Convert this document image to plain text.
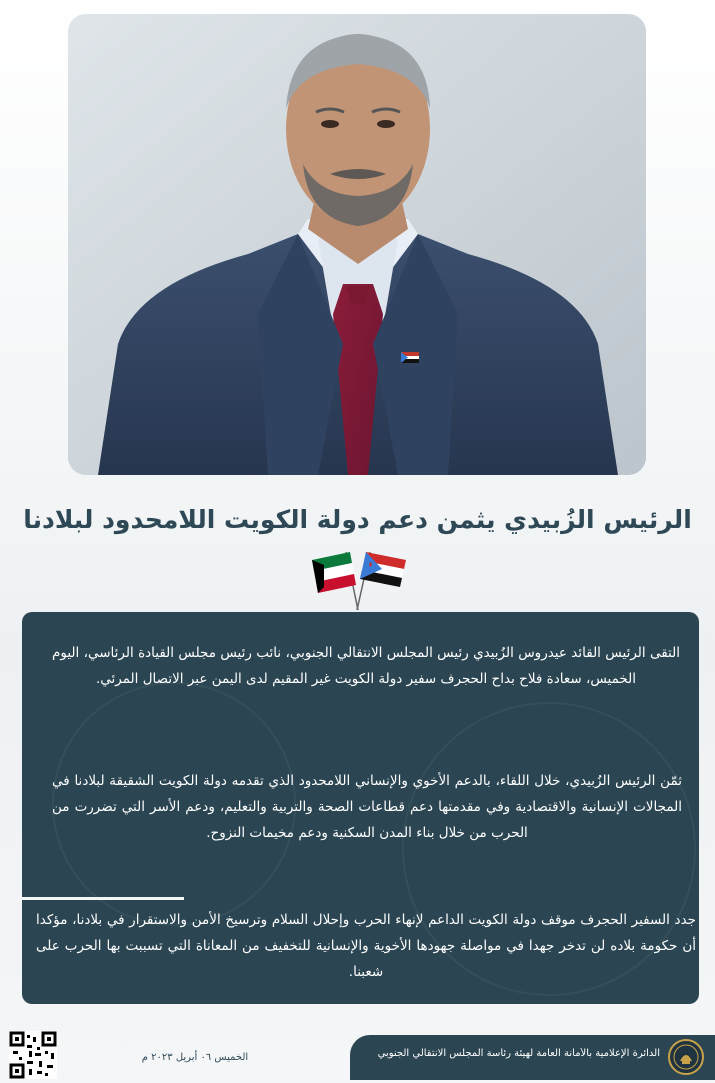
الرئيس الزُبيدي يثمن دعم دولة الكويت اللامحدود لبلادنا
التقى الرئيس القائد عيدروس الزُبيدي رئيس المجلس الانتقالي الجنوبي، نائب رئيس مجلس القيادة الرئاسي، اليوم الخميس، سعادة فلاح بداح الحجرف سفير دولة الكويت غير المقيم لدى اليمن عبر الاتصال المرئي.
ثمّن الرئيس الزُبيدي، خلال اللقاء، بالدعم الأخوي والإنساني اللامحدود الذي تقدمه دولة الكويت الشقيقة لبلادنا في المجالات الإنسانية والاقتصادية وفي مقدمتها دعم قطاعات الصحة والتربية والتعليم، ودعم الأسر التي تضررت من الحرب من خلال بناء المدن السكنية ودعم مخيمات النزوح.
جدد السفير الحجرف موقف دولة الكويت الداعم لإنهاء الحرب وإحلال السلام وترسيخ الأمن والاستقرار في بلادنا، مؤكدا أن حكومة بلاده لن تدخر جهدا في مواصلة جهودها الأخوية والإنسانية للتخفيف من المعاناة التي تسببت بها الحرب على شعبنا.
الخميس ٠٦ أبريل ٢٠٢٣ م	الدائرة الإعلامية بالأمانة العامة لهيئة رئاسة المجلس الانتقالي الجنوبي
